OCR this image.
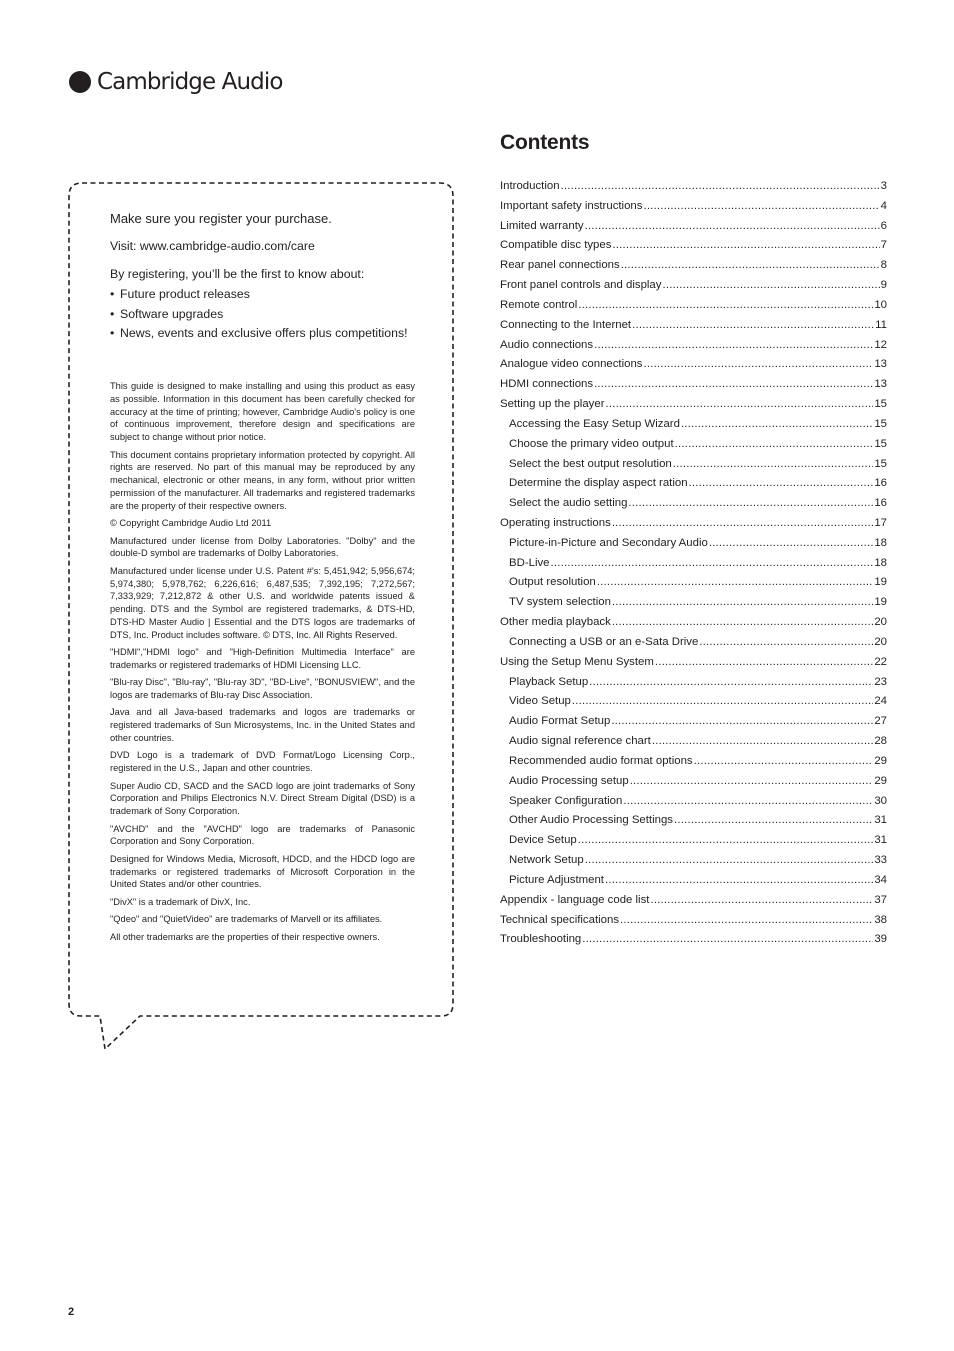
Cambridge Audio

Make sure you register your purchase.

Visit: www.cambridge-audio.com/care

By registering, you’ll be the first to know about:

• Future product releases
• Software upgrades
• News, events and exclusive offers plus competitions!

This guide is designed to make installing and using this product as easy as possible. Information in this document has been carefully checked for accuracy at the time of printing; however, Cambridge Audio's policy is one of continuous improvement, therefore design and specifications are subject to change without prior notice.

This document contains proprietary information protected by copyright. All rights are reserved. No part of this manual may be reproduced by any mechanical, electronic or other means, in any form, without prior written permission of the manufacturer. All trademarks and registered trademarks are the property of their respective owners.

© Copyright Cambridge Audio Ltd 2011

Manufactured under license from Dolby Laboratories. "Dolby" and the double-D symbol are trademarks of Dolby Laboratories.

Manufactured under license under U.S. Patent #'s: 5,451,942; 5,956,674; 5,974,380; 5,978,762; 6,226,616; 6,487,535; 7,392,195; 7,272,567; 7,333,929; 7,212,872 & other U.S. and worldwide patents issued & pending. DTS and the Symbol are registered trademarks, & DTS-HD, DTS-HD Master Audio | Essential and the DTS logos are trademarks of DTS, Inc. Product includes software. © DTS, Inc. All Rights Reserved.

"HDMI","HDMI logo" and "High-Definition Multimedia Interface" are trademarks or registered trademarks of HDMI Licensing LLC.

"Blu-ray Disc", "Blu-ray", "Blu-ray 3D", "BD-Live", "BONUSVIEW", and the logos are trademarks of Blu-ray Disc Association.

Java and all Java-based trademarks and logos are trademarks or registered trademarks of Sun Microsystems, Inc. in the United States and other countries.

DVD Logo is a trademark of DVD Format/Logo Licensing Corp., registered in the U.S., Japan and other countries.

Super Audio CD, SACD and the SACD logo are joint trademarks of Sony Corporation and Philips Electronics N.V. Direct Stream Digital (DSD) is a trademark of Sony Corporation.

"AVCHD" and the "AVCHD" logo are trademarks of Panasonic Corporation and Sony Corporation.

Designed for Windows Media, Microsoft, HDCD, and the HDCD logo are trademarks or registered trademarks of Microsoft Corporation in the United States and/or other countries.

"DivX" is a trademark of DivX, Inc.

"Qdeo" and "QuietVideo" are trademarks of Marvell or its affiliates.

All other trademarks are the properties of their respective owners.

Contents
Introduction .....	3
Important safety instructions .....	4
Limited warranty .....	6
Compatible disc types .....	7
Rear panel connections .....	8
Front panel controls and display .....	9
Remote control .....	10
Connecting to the Internet .....	11
Audio connections .....	12
Analogue video connections .....	13
HDMI connections .....	13
Setting up the player .....	15
Accessing the Easy Setup Wizard .....	15
Choose the primary video output .....	15
Select the best output resolution .....	15
Determine the display aspect ration .....	16
Select the audio setting .....	16
Operating instructions .....	17
Picture-in-Picture and Secondary Audio .....	18
BD-Live .....	18
Output resolution .....	19
TV system selection .....	19
Other media playback .....	20
Connecting a USB or an e-Sata Drive .....	20
Using the Setup Menu System .....	22
Playback Setup .....	23
Video Setup .....	24
Audio Format Setup .....	27
Audio signal reference chart .....	28
Recommended audio format options .....	29
Audio Processing setup .....	29
Speaker Configuration .....	30
Other Audio Processing Settings .....	31
Device Setup .....	31
Network Setup .....	33
Picture Adjustment .....	34
Appendix - language code list .....	37
Technical specifications .....	38
Troubleshooting .....	39
2
